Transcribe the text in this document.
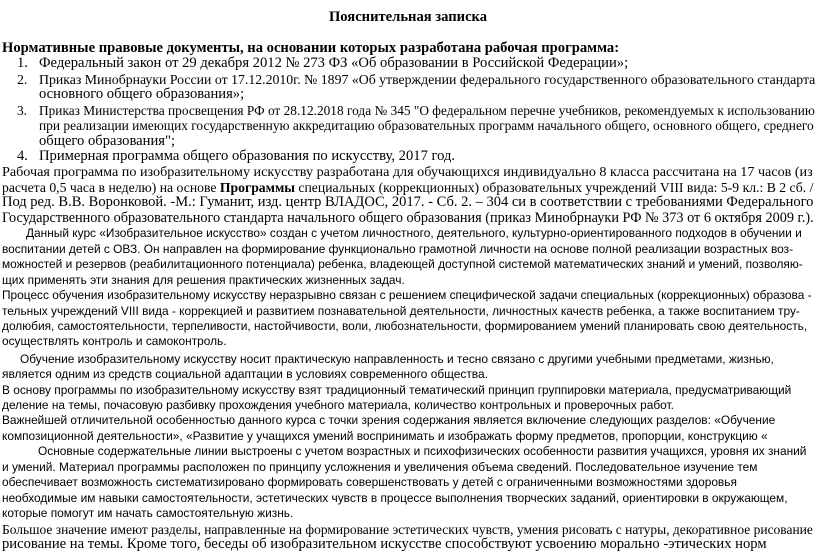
Пояснительная записка
Нормативные правовые документы, на основании которых разработана рабочая программа:
1. Федеральный закон от 29 декабря 2012 № 273 ФЗ «Об образовании в Российской Федерации»;
2. Приказ Минобрнауки России от 17.12.2010г. № 1897 «Об утверждении федерального государственного образовательного стандарта
основного общего образования»;
3. Приказ Министерства просвещения РФ от 28.12.2018 года № 345 "О федеральном перечне учебников, рекомендуемых к использованию
при реализации имеющих государственную аккредитацию образовательных программ начального общего, основного общего, среднего
общего образования";
4. Примерная программа общего образования по искусству, 2017 год.
Рабочая программа по изобразительному искусству разработана для обучающихся индивидуально 8 класса рассчитана на 17 часов (из
расчета 0,5 часа в неделю) на основе Программы специальных (коррекционных) образовательных учреждений VIII вида: 5-9 кл.: В 2 сб. /
Под ред. В.В. Воронковой. -М.: Гуманит, изд. центр ВЛАДОС, 2017. - Сб. 2. – 304 си в соответствии с требованиями Федерального
Государственного образовательного стандарта начального общего образования (приказ Минобрнауки РФ № 373 от 6 октября 2009 г.).
Данный курс «Изобразительное искусство» создан с учетом личностного, деятельного, культурно-ориентированного подходов в обучении и
воспитании детей с ОВЗ. Он направлен на формирование функционально грамотной личности на основе полной реализации возрастных воз-
можностей и резервов (реабилитационного потенциала) ребенка, владеющей доступной системой математических знаний и умений, позволяю-
щих применять эти знания для решения практических жизненных задач.
Процесс обучения изобразительному искусству неразрывно связан с решением специфической задачи специальных (коррекционных) образова -
тельных учреждений VIII вида - коррекцией и развитием познавательной деятельности, личностных качеств ребенка, а также воспитанием тру-
долюбия, самостоятельности, терпеливости, настойчивости, воли, любознательности, формированием умений планировать свою деятельность,
осуществлять контроль и самоконтроль.
Обучение изобразительному искусству носит практическую направленность и тесно связано с другими учебными предметами, жизнью,
является одним из средств социальной адаптации в условиях современного общества.
В основу программы по изобразительному искусству взят традиционный тематический принцип группировки материала, предусматривающий
деление на темы, почасовую разбивку прохождения учебного материала, количество контрольных и проверочных работ.
Важнейшей отличительной особенностью данного курса с точки зрения содержания является включение следующих разделов: «Обучение
композиционной деятельности», «Развитие у учащихся умений воспринимать и изображать форму предметов, пропорции, конструкцию «
Основные содержательные линии выстроены с учетом возрастных и психофизических особенности развития учащихся, уровня их знаний
и умений. Материал программы расположен по принципу усложнения и увеличения объема сведений. Последовательное изучение тем
обеспечивает возможность систематизировано формировать совершенствовать у детей с ограниченными возможностями здоровья
необходимые им навыки самостоятельности, эстетических чувств в процессе выполнения творческих заданий, ориентировки в окружающем,
которые помогут им начать самостоятельную жизнь.
Большое значение имеют разделы, направленные на формирование эстетических чувств, умения рисовать с натуры, декоративное рисование
рисование на темы. Кроме того, беседы об изобразительном искусстве способствуют усвоению морально -этических норм
